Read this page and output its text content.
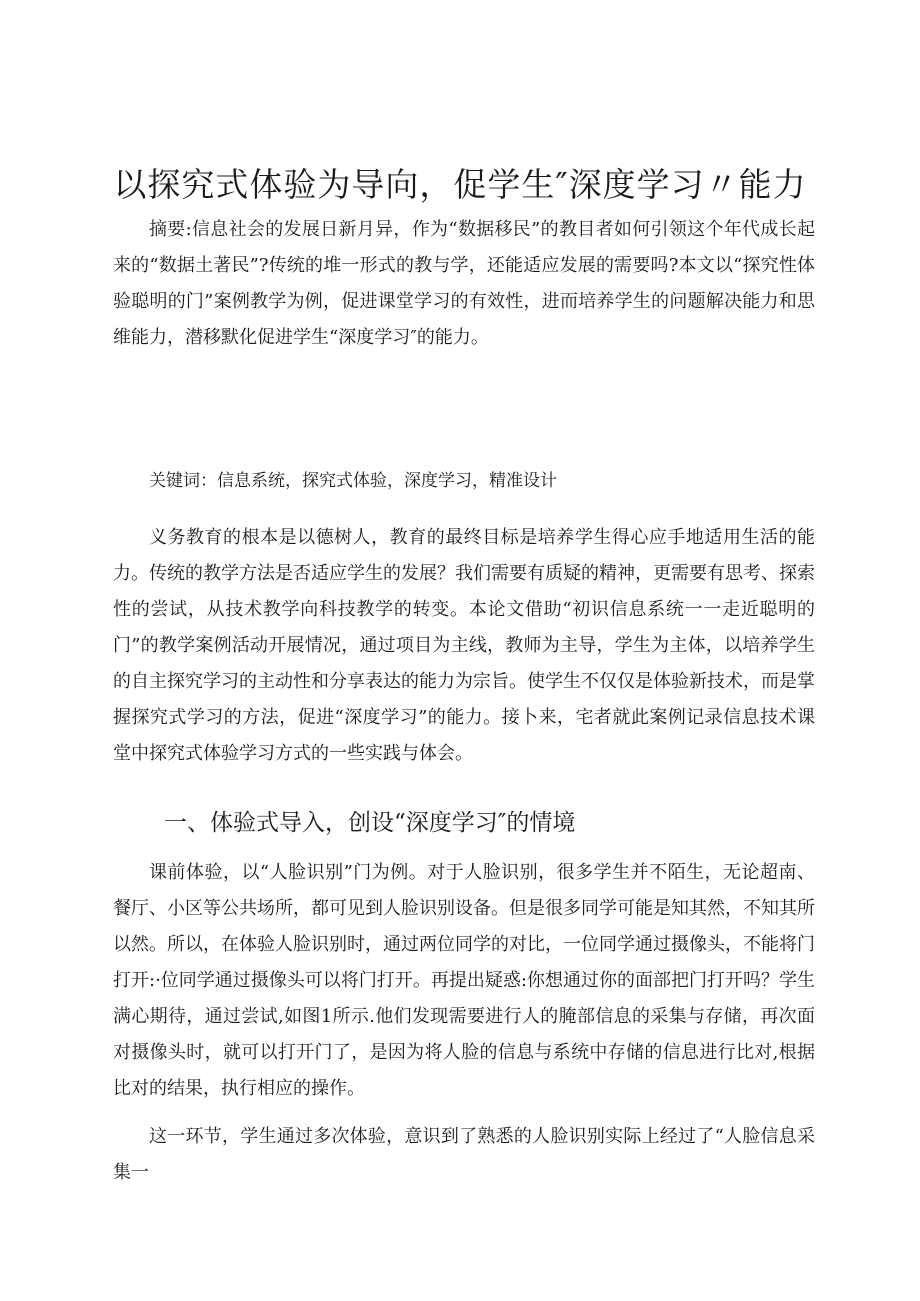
以探究式体验为导向，促学生″深度学习〃能力

摘要:信息社会的发展日新月异，作为“数据移民”的教目者如何引领这个年代成长起来的“数据土著民”?传统的堆一形式的教与学，还能适应发展的需要吗?本文以“探究性体验聪明的门”案例教学为例，促进课堂学习的有效性，进而培养学生的问题解决能力和思维能力，潜移默化促进学生“深度学习″的能力。

关键词：信息系统，探究式体验，深度学习，精准设计

义务教育的根本是以德树人，教育的最终目标是培养学生得心应手地适用生活的能力。传统的教学方法是否适应学生的发展？我们需要有质疑的精神，更需要有思考、探索性的尝试，从技术教学向科技教学的转变。本论文借助“初识信息系统一一走近聪明的门”的教学案例活动开展情况，通过项目为主线，教师为主导，学生为主体，以培养学生的自主探究学习的主动性和分享表达的能力为宗旨。使学生不仅仅是体验新技术，而是掌握探究式学习的方法，促进“深度学习”的能力。接卜来，宅者就此案例记录信息技术课堂中探究式体验学习方式的一些实践与体会。

一、体验式导入，创设“深度学习″的情境

课前体验，以“人脸识别”门为例。对于人脸识别，很多学生并不陌生，无论超南、餐厅、小区等公共场所，都可见到人脸识别设备。但是很多同学可能是知其然，不知其所以然。所以，在体验人脸识别时，通过两位同学的对比，一位同学通过摄像头，不能将门打开:·位同学通过摄像头可以将门打开。再提出疑惑:你想通过你的面部把门打开吗？学生满心期待，通过尝试,如图1所示.他们发现需要进行人的腌部信息的采集与存储，再次面对摄像头时，就可以打开门了，是因为将人脸的信息与系统中存储的信息进行比对,根据比对的结果，执行相应的操作。

这一环节，学生通过多次体验，意识到了熟悉的人脸识别实际上经过了“人脸信息采集一
